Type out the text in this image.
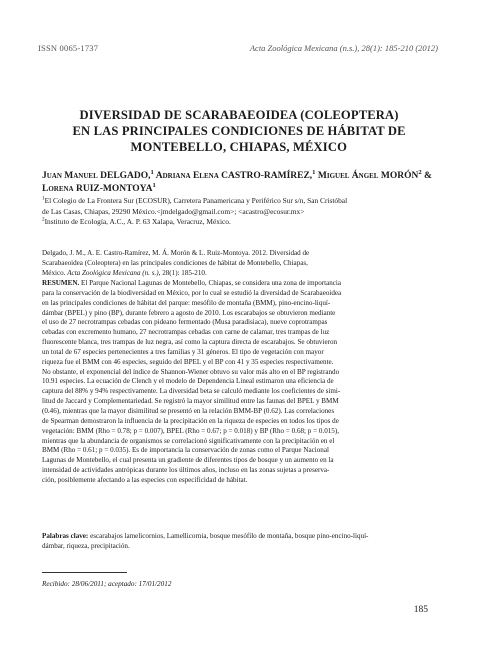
ISSN 0065-1737	Acta Zoológica Mexicana (n.s.), 28(1): 185-210 (2012)
DIVERSIDAD DE SCARABAEOIDEA (COLEOPTERA)
EN LAS PRINCIPALES CONDICIONES DE HÁBITAT DE
MONTEBELLO, CHIAPAS, MÉXICO
Juan Manuel DELGADO,$^1$ Adriana Elena CASTRO-RAMÍREZ,$^1$ Miguel Ángel MORÓN$^2$ & Lorena RUIZ-MONTOYA$^1$
$^1$El Colegio de La Frontera Sur (ECOSUR), Carretera Panamericana y Periférico Sur s/n, San Cristóbal
de Las Casas, Chiapas, 29290 México.<jmdelgado@gmail.com>; <acastro@ecosur.mx>
$^2$Instituto de Ecología, A.C., A. P. 63 Xalapa, Veracruz, México.
Delgado, J. M., A. E. Castro-Ramírez, M. Á. Morón & L. Ruiz-Montoya. 2012. Diversidad de
Scarabaeoidea (Coleoptera) en las principales condiciones de hábitat de Montebello, Chiapas,
México. Acta Zoológica Mexicana (n. s.), 28(1): 185-210.
RESUMEN. El Parque Nacional Lagunas de Montebello, Chiapas, se considera una zona de importancia
para la conservación de la biodiversidad en México, por lo cual se estudió la diversidad de Scarabaeoidea
en las principales condiciones de hábitat del parque: mesófilo de montaña (BMM), pino-encino-liquí-
dámbar (BPEL) y pino (BP), durante febrero a agosto de 2010. Los escarabajos se obtuvieron mediante
el uso de 27 necrotrampas cebadas con pideano fermentado (Musa paradisiaca), nueve coprotrampas
cebadas con excremento humano, 27 necrotrampas cebadas con carne de calamar, tres trampas de luz
fluorescente blanca, tres trampas de luz negra, así como la captura directa de escarabajos. Se obtuvieron
un total de 67 especies pertenecientes a tres familias y 31 géneros. El tipo de vegetación con mayor
riqueza fue el BMM con 46 especies, seguido del BPEL y el BP con 41 y 35 especies respectivamente.
No obstante, el exponencial del índice de Shannon-Wiener obtuvo su valor más alto en el BP registrando
10.91 especies. La ecuación de Clench y el modelo de Dependencia Lineal estimaron una eficiencia de
captura del 88% y 94% respectivamente. La diversidad beta se calculó mediante los coeficientes de simi-
litud de Jaccard y Complementariedad. Se registró la mayor similitud entre las faunas del BPEL y BMM
(0.46), mientras que la mayor disimilitud se presentó en la relación BMM-BP (0.62). Las correlaciones
de Spearman demostraron la influencia de la precipitación en la riqueza de especies en todos los tipos de
vegetación: BMM (Rho = 0.78; p = 0.007), BPEL (Rho = 0.67; p = 0.018) y BP (Rho = 0.68; p = 0.015),
mientras que la abundancia de organismos se correlacionó significativamente con la precipitación en el
BMM (Rho = 0.61; p = 0.035). Es de importancia la conservación de zonas como el Parque Nacional
Lagunas de Montebello, el cual presenta un gradiente de diferentes tipos de bosque y un aumento en la
intensidad de actividades antrópicas durante los últimos años, incluso en las zonas sujetas a preserva-
ción, posiblemente afectando a las especies con especificidad de hábitat.
Palabras clave: escarabajos lamelicornios, Lamellicornia, bosque mesófilo de montaña, bosque pino-encino-liquí-
dámbar, riqueza, precipitación.
Recibido: 28/06/2011; aceptado: 17/01/2012
185
